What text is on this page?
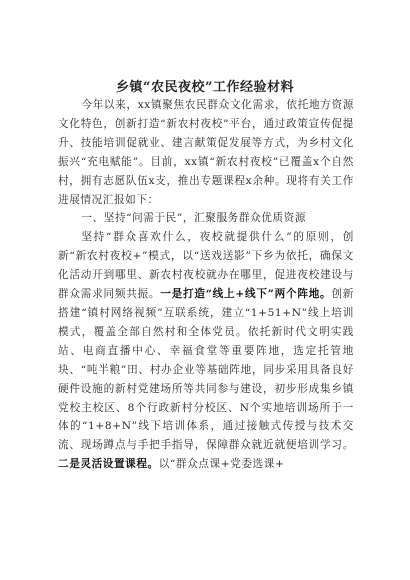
乡镇“农民夜校”工作经验材料

今年以来，xx镇聚焦农民群众文化需求，依托地方资源文化特色，创新打造“新农村夜校”平台，通过政策宣传促提升、技能培训促就业、建言献策促发展等方式，为乡村文化振兴“充电赋能”。目前，xx镇“新农村夜校”已覆盖x个自然村，拥有志愿队伍x支，推出专题课程x余种。现将有关工作进展情况汇报如下：

一、坚持“问需于民”，汇聚服务群众优质资源

坚持“群众喜欢什么，夜校就提供什么”的原则，创新“新农村夜校+”模式，以“送戏送影”下乡为依托，确保文化活动开到哪里、新农村夜校就办在哪里，促进夜校建设与群众需求同频共振。一是打造“线上+线下”两个阵地。创新搭建“镇村网络视频”互联系统，建立“1+51+N”线上培训模式，覆盖全部自然村和全体党员。依托新时代文明实践站、电商直播中心、幸福食堂等重要阵地，选定托管地块、“吨半粮”田、村办企业等基础阵地，同步采用具备良好硬件设施的新村党建场所等共同参与建设，初步形成集乡镇党校主校区、8个行政新村分校区、N个实地培训场所于一体的“1+8+N”线下培训体系，通过接触式传授与技术交流、现场蹲点与手把手指导，保障群众就近就便培训学习。二是灵活设置课程。以“群众点课+党委选课+
